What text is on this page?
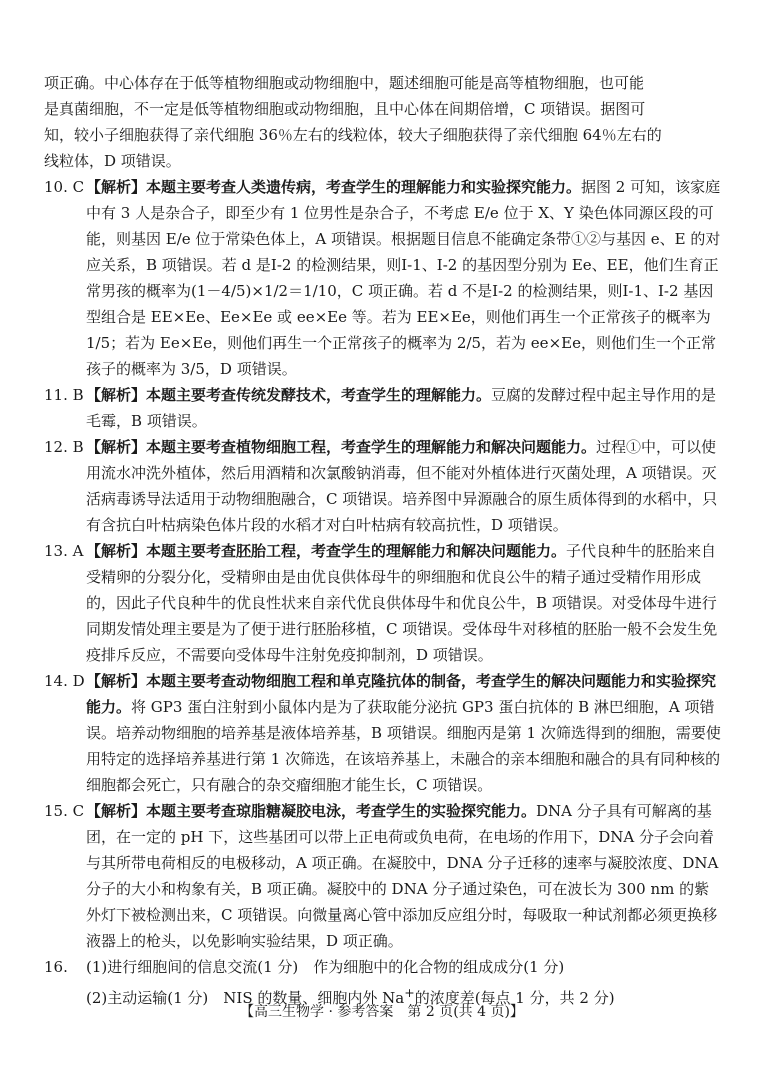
项正确。中心体存在于低等植物细胞或动物细胞中，题述细胞可能是高等植物细胞，也可能
是真菌细胞，不一定是低等植物细胞或动物细胞，且中心体在间期倍增，C 项错误。据图可
知，较小子细胞获得了亲代细胞 36％左右的线粒体，较大子细胞获得了亲代细胞 64％左右的
线粒体，D 项错误。

10. C 【解析】本题主要考查人类遗传病，考查学生的理解能力和实验探究能力。据图 2 可知，该家庭中有 3 人是杂合子，即至少有 1 位男性是杂合子，不考虑 E/e 位于 X、Y 染色体同源区段的可能，则基因 E/e 位于常染色体上，A 项错误。根据题目信息不能确定条带①②与基因 e、E 的对应关系，B 项错误。若 d 是Ⅰ-2 的检测结果，则Ⅰ-1、Ⅰ-2 的基因型分别为 Ee、EE，他们生育正常男孩的概率为(1－4/5)×1/2＝1/10，C 项正确。若 d 不是Ⅰ-2 的检测结果，则Ⅰ-1、Ⅰ-2 基因型组合是 EE×Ee、Ee×Ee 或 ee×Ee 等。若为 EE×Ee，则他们再生一个正常孩子的概率为 1/5；若为 Ee×Ee，则他们再生一个正常孩子的概率为 2/5，若为 ee×Ee，则他们生一个正常孩子的概率为 3/5，D 项错误。

11. B 【解析】本题主要考查传统发酵技术，考查学生的理解能力。豆腐的发酵过程中起主导作用的是毛霉，B 项错误。

12. B 【解析】本题主要考查植物细胞工程，考查学生的理解能力和解决问题能力。过程①中，可以使用流水冲洗外植体，然后用酒精和次氯酸钠消毒，但不能对外植体进行灭菌处理，A 项错误。灭活病毒诱导法适用于动物细胞融合，C 项错误。培养图中异源融合的原生质体得到的水稻中，只有含抗白叶枯病染色体片段的水稻才对白叶枯病有较高抗性，D 项错误。

13. A 【解析】本题主要考查胚胎工程，考查学生的理解能力和解决问题能力。子代良种牛的胚胎来自受精卵的分裂分化，受精卵由是由优良供体母牛的卵细胞和优良公牛的精子通过受精作用形成的，因此子代良种牛的优良性状来自亲代优良供体母牛和优良公牛，B 项错误。对受体母牛进行同期发情处理主要是为了便于进行胚胎移植，C 项错误。受体母牛对移植的胚胎一般不会发生免疫排斥反应，不需要向受体母牛注射免疫抑制剂，D 项错误。

14. D【解析】本题主要考查动物细胞工程和单克隆抗体的制备，考查学生的解决问题能力和实验探究能力。将 GP3 蛋白注射到小鼠体内是为了获取能分泌抗 GP3 蛋白抗体的 B 淋巴细胞，A 项错误。培养动物细胞的培养基是液体培养基，B 项错误。细胞丙是第 1 次筛选得到的细胞，需要使用特定的选择培养基进行第 1 次筛选，在该培养基上，未融合的亲本细胞和融合的具有同种核的细胞都会死亡，只有融合的杂交瘤细胞才能生长，C 项错误。

15. C 【解析】本题主要考查琼脂糖凝胶电泳，考查学生的实验探究能力。DNA 分子具有可解离的基团，在一定的 pH 下，这些基团可以带上正电荷或负电荷，在电场的作用下，DNA 分子会向着与其所带电荷相反的电极移动，A 项正确。在凝胶中，DNA 分子迁移的速率与凝胶浓度、DNA 分子的大小和构象有关，B 项正确。凝胶中的 DNA 分子通过染色，可在波长为 300 nm 的紫外灯下被检测出来，C 项错误。向微量离心管中添加反应组分时，每吸取一种试剂都必须更换移液器上的枪头，以免影响实验结果，D 项正确。

16. (1)进行细胞间的信息交流(1 分)　作为细胞中的化合物的组成成分(1 分)

(2)主动运输(1 分)　NIS 的数量、细胞内外 Na+的浓度差(每点 1 分，共 2 分)

【高三生物学 · 参考答案　第 2 页(共 4 页)】
